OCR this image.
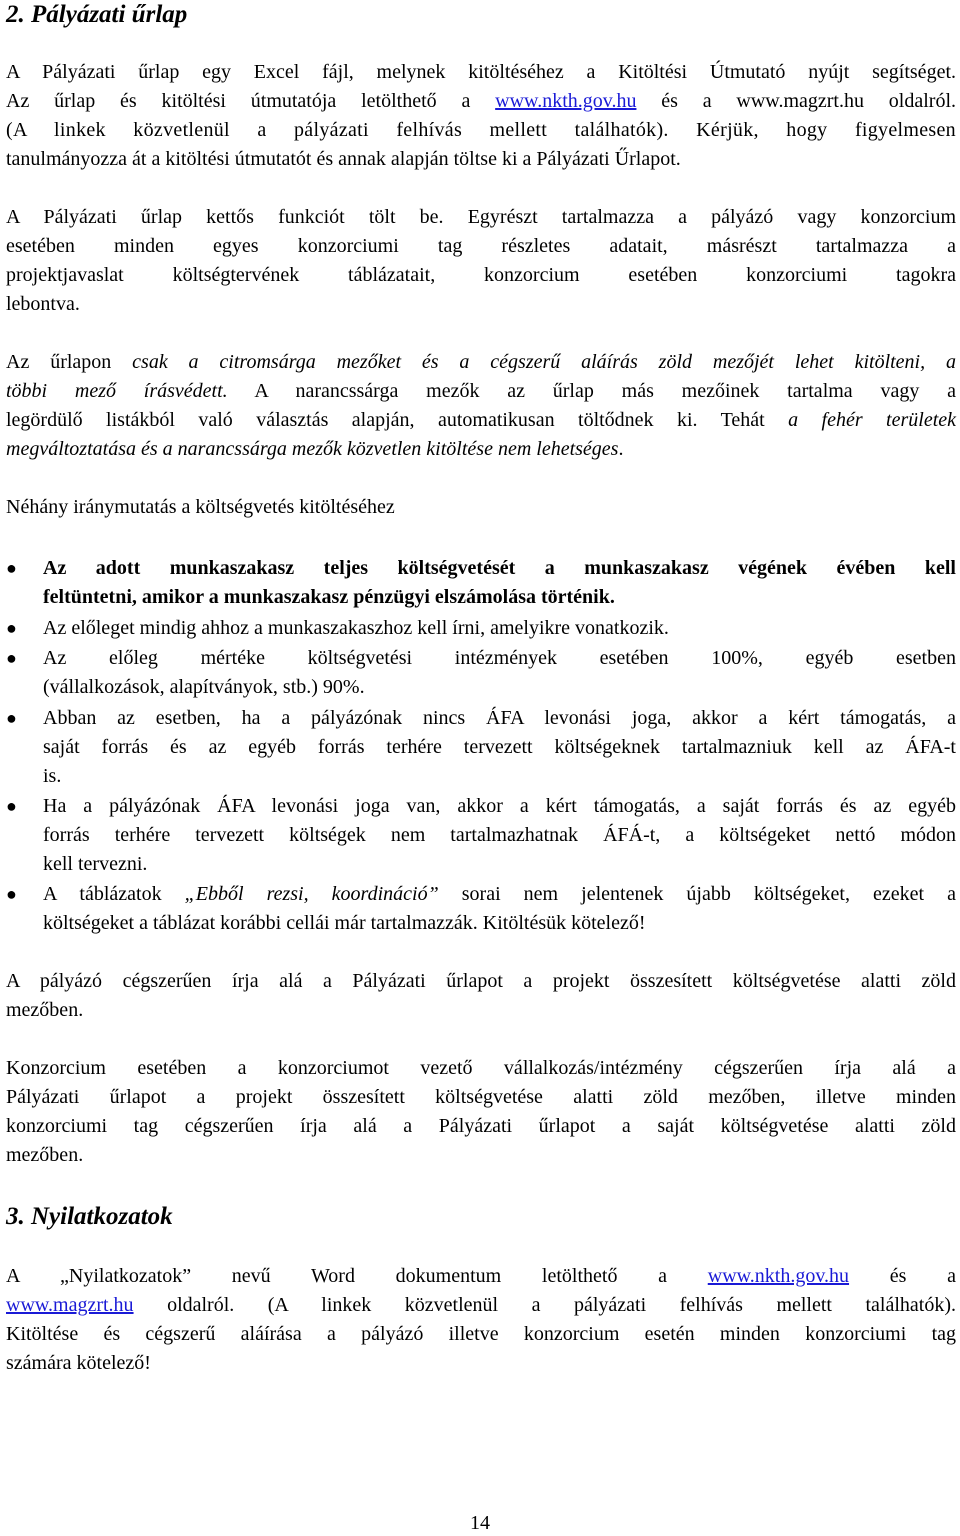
2. Pályázati űrlap
A Pályázati űrlap egy Excel fájl, melynek kitöltéséhez a Kitöltési Útmutató nyújt segítséget.
Az űrlap és kitöltési útmutatója letölthető a www.nkth.gov.hu és a www.magzrt.hu oldalról.
(A linkek közvetlenül a pályázati felhívás mellett találhatók). Kérjük, hogy figyelmesen
tanulmányozza át a kitöltési útmutatót és annak alapján töltse ki a Pályázati Űrlapot.
A Pályázati űrlap kettős funkciót tölt be. Egyrészt tartalmazza a pályázó vagy konzorcium
esetében minden egyes konzorciumi tag részletes adatait, másrészt tartalmazza a
projektjavaslat költségtervének táblázatait, konzorcium esetében konzorciumi tagokra
lebontva.
Az űrlapon csak a citromsárga mezőket és a cégszerű aláírás zöld mezőjét lehet kitölteni, a
többi mező írásvédett. A narancssárga mezők az űrlap más mezőinek tartalma vagy a
legördülő listákból való választás alapján, automatikusan töltődnek ki. Tehát a fehér területek
megváltoztatása és a narancssárga mezők közvetlen kitöltése nem lehetséges.
Néhány iránymutatás a költségvetés kitöltéséhez
●	Az adott munkaszakasz teljes költségvetését a munkaszakasz végének évében kell
feltüntetni, amikor a munkaszakasz pénzügyi elszámolása történik.
●	Az előleget mindig ahhoz a munkaszakaszhoz kell írni, amelyikre vonatkozik.
●	Az előleg mértéke költségvetési intézmények esetében 100%, egyéb esetben
(vállalkozások, alapítványok, stb.) 90%.
●	Abban az esetben, ha a pályázónak nincs ÁFA levonási joga, akkor a kért támogatás, a
saját forrás és az egyéb forrás terhére tervezett költségeknek tartalmazniuk kell az ÁFA-t
is.
●	Ha a pályázónak ÁFA levonási joga van, akkor a kért támogatás, a saját forrás és az egyéb
forrás terhére tervezett költségek nem tartalmazhatnak ÁFÁ-t, a költségeket nettó módon
kell tervezni.
●	A táblázatok „Ebből rezsi, koordináció” sorai nem jelentenek újabb költségeket, ezeket a
költségeket a táblázat korábbi cellái már tartalmazzák. Kitöltésük kötelező!
A pályázó cégszerűen írja alá a Pályázati űrlapot a projekt összesített költségvetése alatti zöld
mezőben.
Konzorcium esetében a konzorciumot vezető vállalkozás/intézmény cégszerűen írja alá a
Pályázati űrlapot a projekt összesített költségvetése alatti zöld mezőben, illetve minden
konzorciumi tag cégszerűen írja alá a Pályázati űrlapot a saját költségvetése alatti zöld
mezőben.
3. Nyilatkozatok
A „Nyilatkozatok” nevű Word dokumentum letölthető a www.nkth.gov.hu és a
www.magzrt.hu oldalról. (A linkek közvetlenül a pályázati felhívás mellett találhatók).
Kitöltése és cégszerű aláírása a pályázó illetve konzorcium esetén minden konzorciumi tag
számára kötelező!
14
